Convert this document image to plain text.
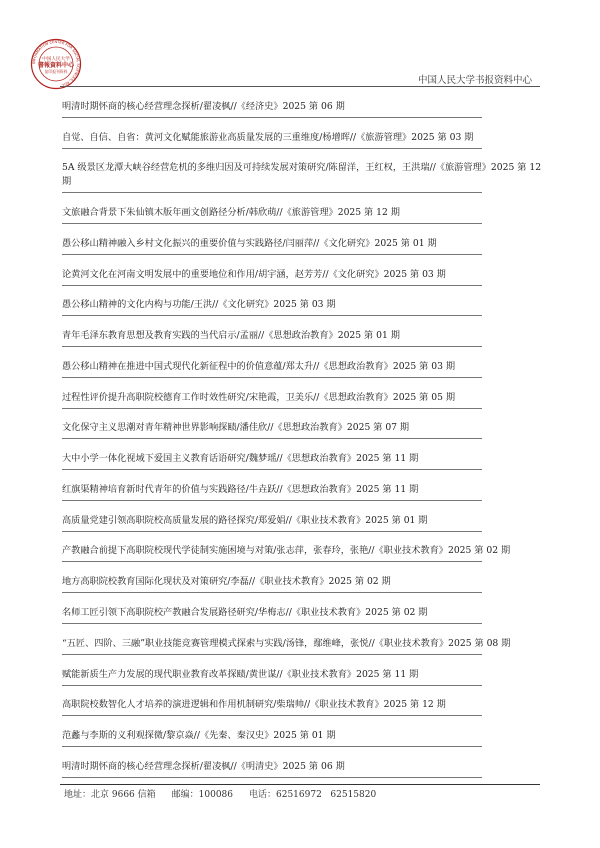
INFORMATION CENTER FOR SOCIAL SCIENCES, RUC
中国人民大学
書報資料中心
复印报刊资料
中国人民大学书报资料中心
明清时期怀商的核心经营理念探析/翟凌枫//《经济史》2025 第 06 期
自觉、自信、自省：黄河文化赋能旅游业高质量发展的三重维度/杨增晖//《旅游管理》2025 第 03 期
5A 级景区龙潭大峡谷经营危机的多维归因及可持续发展对策研究/陈留洋，王红权，王洪瑞//《旅游管理》2025 第 12 期
文旅融合背景下朱仙镇木版年画文创路径分析/韩欣萌//《旅游管理》2025 第 12 期
愚公移山精神融入乡村文化振兴的重要价值与实践路径/闫丽萍//《文化研究》2025 第 01 期
论黄河文化在河南文明发展中的重要地位和作用/胡宇涵，赵芳芳//《文化研究》2025 第 03 期
愚公移山精神的文化内构与功能/王洪//《文化研究》2025 第 03 期
青年毛泽东教育思想及教育实践的当代启示/孟丽//《思想政治教育》2025 第 01 期
愚公移山精神在推进中国式现代化新征程中的价值意蕴/郑太升//《思想政治教育》2025 第 03 期
过程性评价提升高职院校德育工作时效性研究/宋艳霞，卫美乐//《思想政治教育》2025 第 05 期
文化保守主义思潮对青年精神世界影响探赜/潘佳欣//《思想政治教育》2025 第 07 期
大中小学一体化视域下爱国主义教育话语研究/魏梦瑶//《思想政治教育》2025 第 11 期
红旗渠精神培育新时代青年的价值与实践路径/牛垚跃//《思想政治教育》2025 第 11 期
高质量党建引领高职院校高质量发展的路径探究/郑爱娟//《职业技术教育》2025 第 01 期
产教融合前提下高职院校现代学徒制实施困境与对策/张志萍，张春玲，张艳//《职业技术教育》2025 第 02 期
地方高职院校教育国际化现状及对策研究/李磊//《职业技术教育》2025 第 02 期
名师工匠引领下高职院校产教融合发展路径研究/华梅志//《职业技术教育》2025 第 02 期
“五匠、四阶、三融”职业技能竞赛管理模式探索与实践/汤锋，鄢维峰，张悦//《职业技术教育》2025 第 08 期
赋能新质生产力发展的现代职业教育改革探赜/黄世谋//《职业技术教育》2025 第 11 期
高职院校数智化人才培养的演进逻辑和作用机制研究/柴瑞帅//《职业技术教育》2025 第 12 期
范蠡与李斯的义利观探微/黎京焱//《先秦、秦汉史》2025 第 01 期
明清时期怀商的核心经营理念探析/翟凌枫//《明清史》2025 第 06 期
地址：北京 9666 信箱 邮编：100086 电话：62516972   62515820
